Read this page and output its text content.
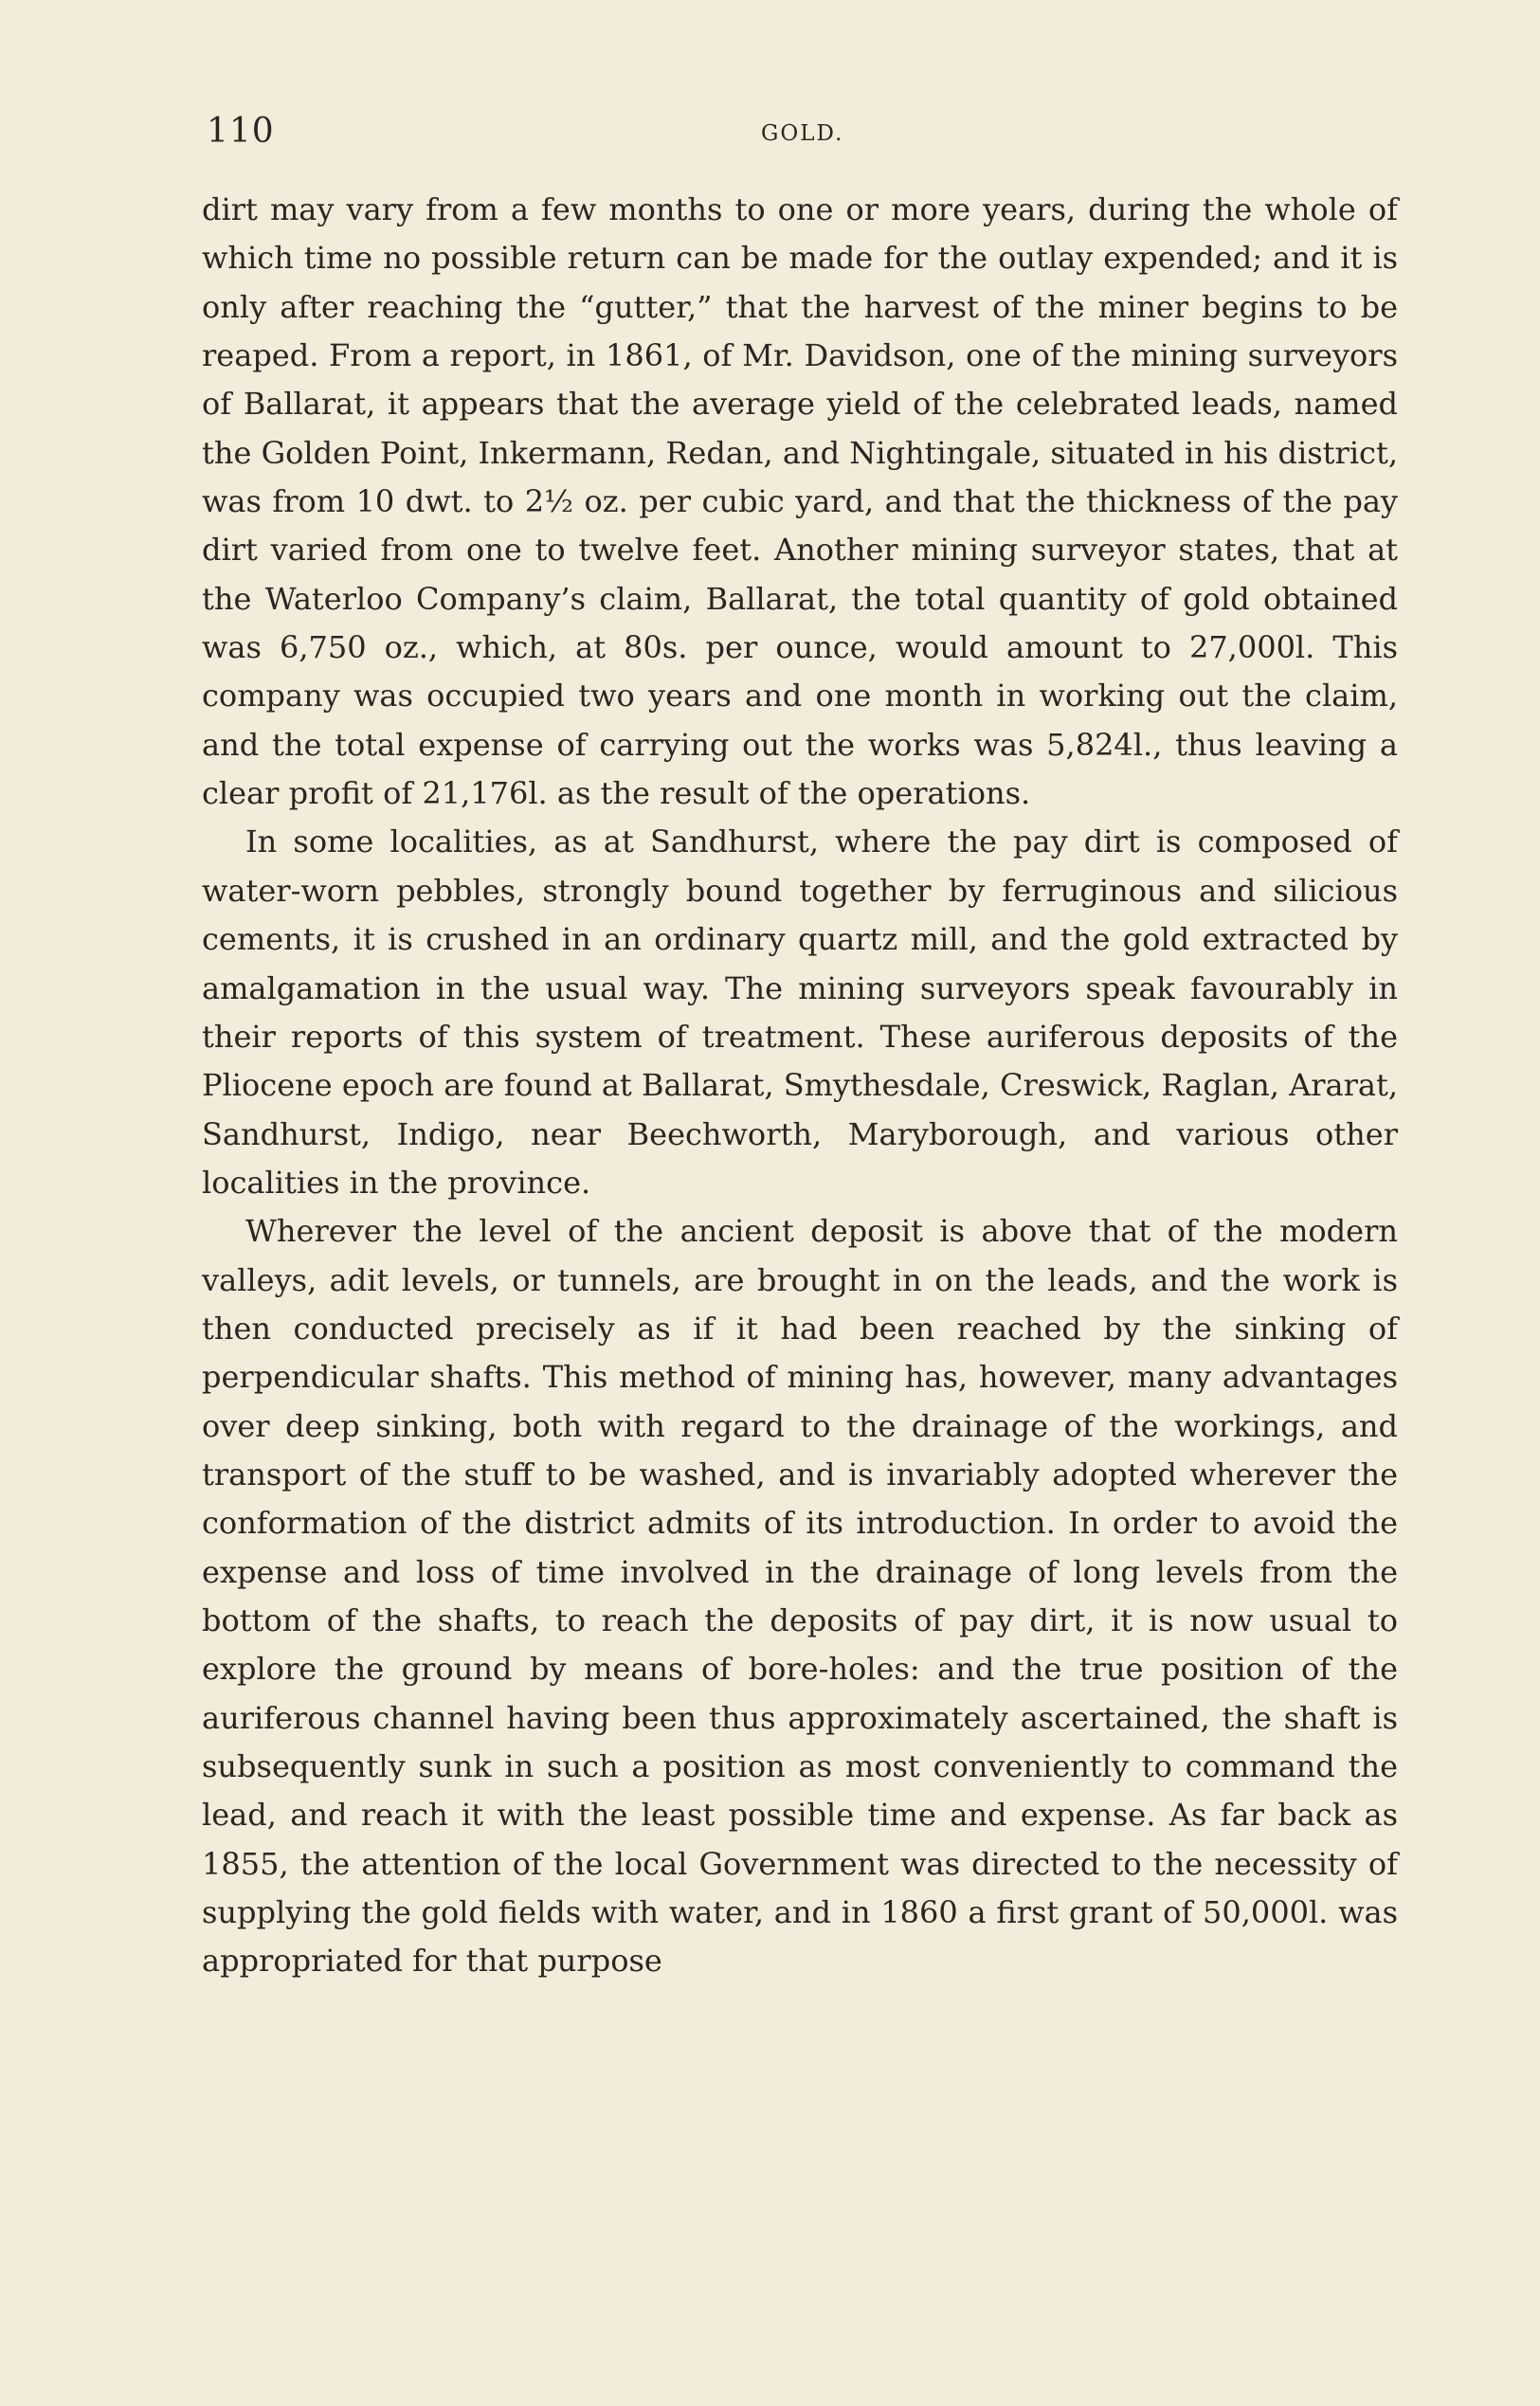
110	GOLD.

dirt may vary from a few months to one or more years, during the whole of which time no possible return can be made for the outlay expended; and it is only after reaching the “gutter,” that the harvest of the miner begins to be reaped. From a report, in 1861, of Mr. Davidson, one of the mining surveyors of Ballarat, it appears that the average yield of the celebrated leads, named the Golden Point, Inkermann, Redan, and Nightingale, situated in his district, was from 10 dwt. to 2½ oz. per cubic yard, and that the thickness of the pay dirt varied from one to twelve feet. Another mining surveyor states, that at the Waterloo Company’s claim, Ballarat, the total quantity of gold obtained was 6,750 oz., which, at 80s. per ounce, would amount to 27,000l. This company was occupied two years and one month in working out the claim, and the total expense of carrying out the works was 5,824l., thus leaving a clear profit of 21,176l. as the result of the operations.

In some localities, as at Sandhurst, where the pay dirt is composed of water-worn pebbles, strongly bound together by ferruginous and silicious cements, it is crushed in an ordinary quartz mill, and the gold extracted by amalgamation in the usual way. The mining surveyors speak favourably in their reports of this system of treatment. These auriferous deposits of the Pliocene epoch are found at Ballarat, Smythesdale, Creswick, Raglan, Ararat, Sandhurst, Indigo, near Beechworth, Maryborough, and various other localities in the province.

Wherever the level of the ancient deposit is above that of the modern valleys, adit levels, or tunnels, are brought in on the leads, and the work is then conducted precisely as if it had been reached by the sinking of perpendicular shafts. This method of mining has, however, many advantages over deep sinking, both with regard to the drainage of the workings, and transport of the stuff to be washed, and is invariably adopted wherever the conformation of the district admits of its introduction. In order to avoid the expense and loss of time involved in the drainage of long levels from the bottom of the shafts, to reach the deposits of pay dirt, it is now usual to explore the ground by means of bore-holes: and the true position of the auriferous channel having been thus approximately ascertained, the shaft is subsequently sunk in such a position as most conveniently to command the lead, and reach it with the least possible time and expense. As far back as 1855, the attention of the local Government was directed to the necessity of supplying the gold fields with water, and in 1860 a first grant of 50,000l. was appropriated for that purpose
